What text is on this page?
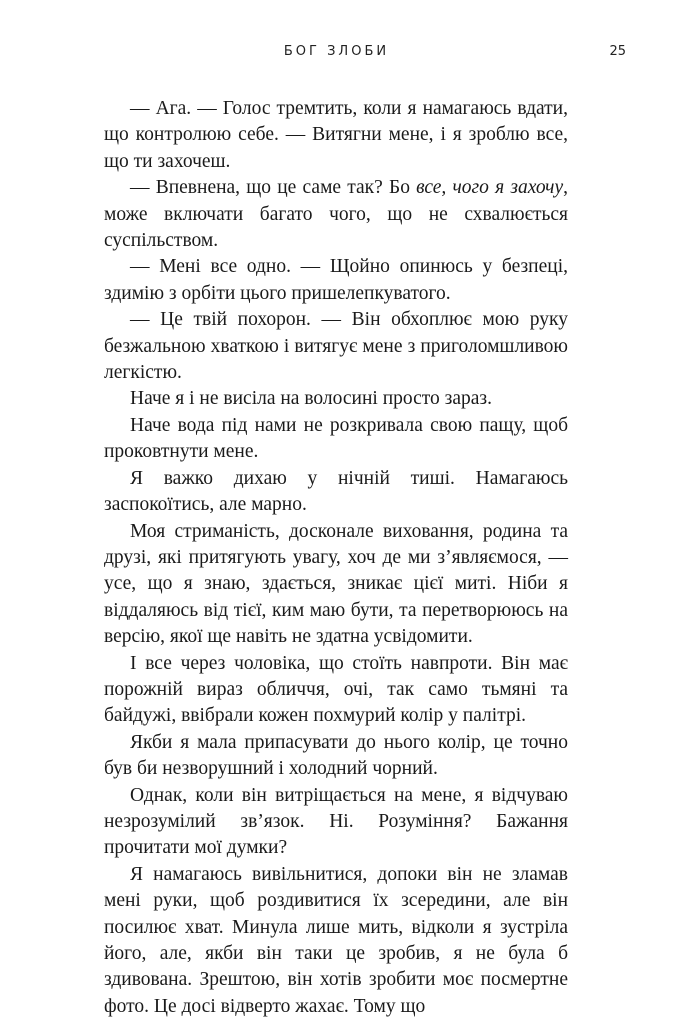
БОГ ЗЛОБИ	25

— Ага. — Голос тремтить, коли я намагаюсь вдати, що контролюю себе. — Витягни мене, і я зроблю все, що ти захочеш.

— Впевнена, що це саме так? Бо все, чого я захочу, може включати багато чого, що не схвалюється суспільством.

— Мені все одно. — Щойно опинюсь у безпеці, здимію з орбіти цього пришелепкуватого.

— Це твій похорон. — Він обхоплює мою руку безжальною хваткою і витягує мене з приголомшливою легкістю.

Наче я і не висіла на волосині просто зараз.

Наче вода під нами не розкривала свою пащу, щоб проковтнути мене.

Я важко дихаю у нічній тиші. Намагаюсь заспокоїтись, але марно.

Моя стриманість, досконале виховання, родина та друзі, які притягують увагу, хоч де ми з’являємося, — усе, що я знаю, здається, зникає цієї миті. Ніби я віддаляюсь від тієї, ким маю бути, та перетворююсь на версію, якої ще навіть не здатна усвідомити.

І все через чоловіка, що стоїть навпроти. Він має порожній вираз обличчя, очі, так само тьмяні та байдужі, ввібрали кожен похмурий колір у палітрі.

Якби я мала припасувати до нього колір, це точно був би незворушний і холодний чорний.

Однак, коли він витріщається на мене, я відчуваю незрозумілий зв’язок. Ні. Розуміння? Бажання прочитати мої думки?

Я намагаюсь вивільнитися, допоки він не зламав мені руки, щоб роздивитися їх зсередини, але він посилює хват. Минула лише мить, відколи я зустріла його, але, якби він таки це зробив, я не була б здивована. Зрештою, він хотів зробити моє посмертне фото. Це досі відверто жахає. Тому що
